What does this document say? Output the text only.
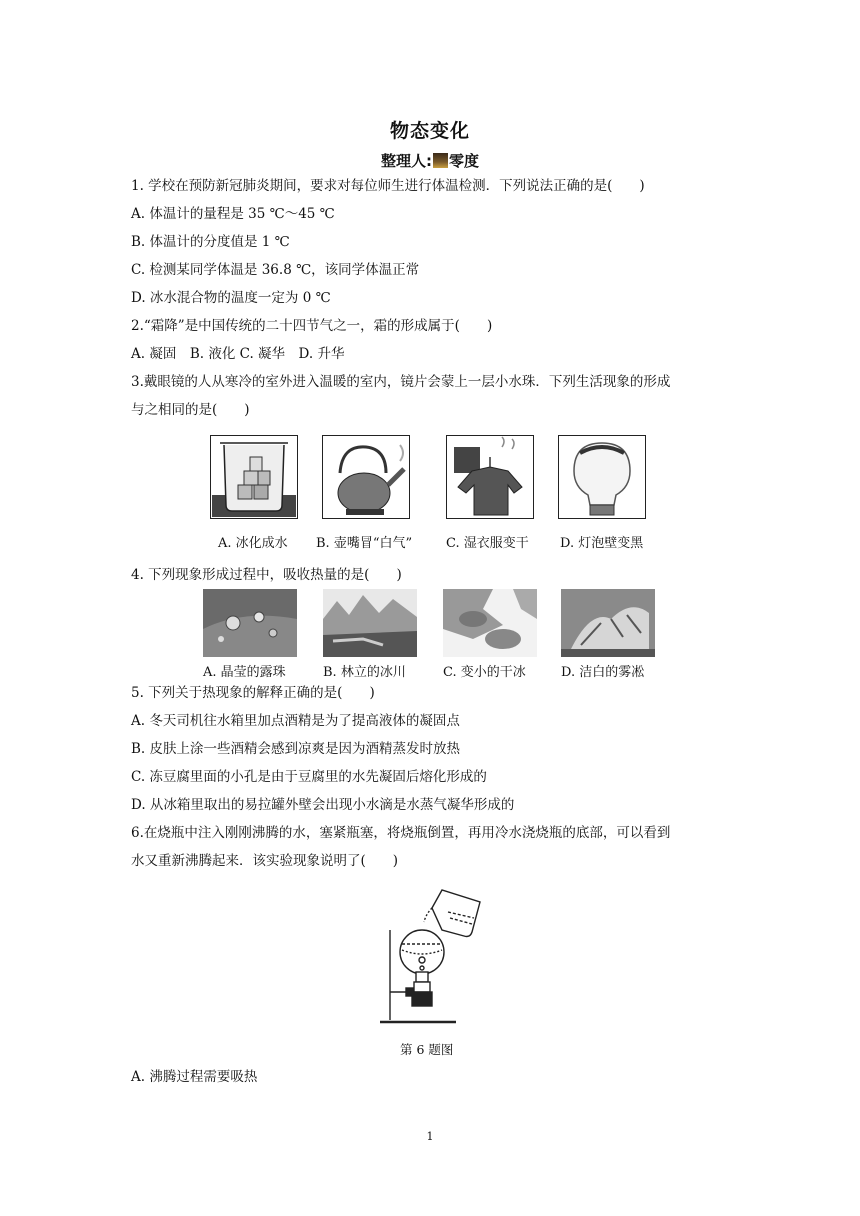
物态变化
整理人: 零度
1. 学校在预防新冠肺炎期间，要求对每位师生进行体温检测．下列说法正确的是(　　)
A. 体温计的量程是 35 ℃～45 ℃
B. 体温计的分度值是 1 ℃
C. 检测某同学体温是 36.8 ℃，该同学体温正常
D. 冰水混合物的温度一定为 0 ℃
2.“霜降”是中国传统的二十四节气之一，霜的形成属于(　　)
A. 凝固　B. 液化 C. 凝华　D. 升华
3.戴眼镜的人从寒冷的室外进入温暖的室内，镜片会蒙上一层小水珠．下列生活现象的形成
与之相同的是(　　)
A. 冰化成水 B. 壶嘴冒“白气”	C. 湿衣服变干 D. 灯泡壁变黑
4. 下列现象形成过程中，吸收热量的是(　　)
A. 晶莹的露珠	B. 林立的冰川	C. 变小的干冰	D. 洁白的雾凇
5. 下列关于热现象的解释正确的是(　　)
A. 冬天司机往水箱里加点酒精是为了提高液体的凝固点
B. 皮肤上涂一些酒精会感到凉爽是因为酒精蒸发时放热
C. 冻豆腐里面的小孔是由于豆腐里的水先凝固后熔化形成的
D. 从冰箱里取出的易拉罐外壁会出现小水滴是水蒸气凝华形成的
6.在烧瓶中注入刚刚沸腾的水，塞紧瓶塞，将烧瓶倒置，再用冷水浇烧瓶的底部，可以看到
水又重新沸腾起来．该实验现象说明了(　　)
第 6 题图
A. 沸腾过程需要吸热
1
